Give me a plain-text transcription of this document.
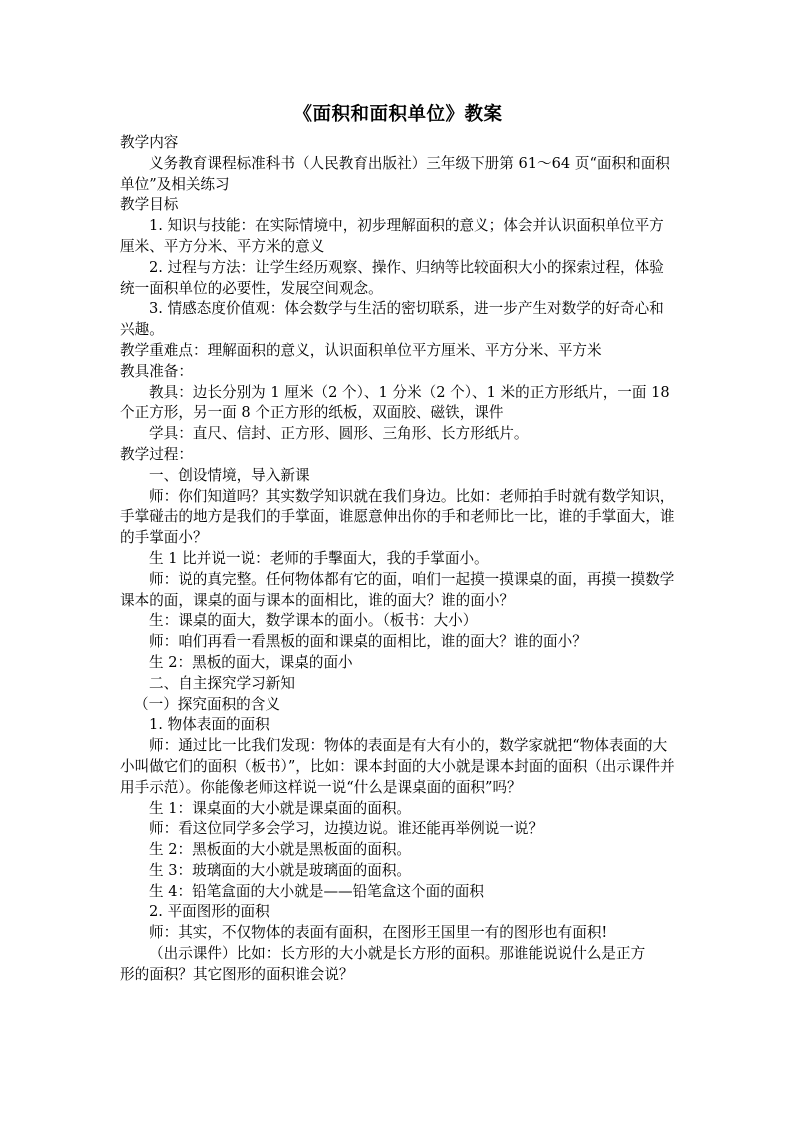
《面积和面积单位》教案
教学内容
义务教育课程标准科书（人民教育出版社）三年级下册第 61～64 页“面积和面积单位”及相关练习
教学目标
1. 知识与技能：在实际情境中，初步理解面积的意义；体会并认识面积单位平方厘米、平方分米、平方米的意义
2. 过程与方法：让学生经历观察、操作、归纳等比较面积大小的探索过程，体验统一面积单位的必要性，发展空间观念。
3. 情感态度价值观：体会数学与生活的密切联系，进一步产生对数学的好奇心和兴趣。
教学重难点：理解面积的意义，认识面积单位平方厘米、平方分米、平方米
教具准备：
教具：边长分别为 1 厘米（2 个）、1 分米（2 个）、1 米的正方形纸片，一面 18 个正方形，另一面 8 个正方形的纸板，双面胶、磁铁，课件
学具：直尺、信封、正方形、圆形、三角形、长方形纸片。
教学过程：
一、创设情境，导入新课
师：你们知道吗？其实数学知识就在我们身边。比如：老师拍手时就有数学知识，手掌碰击的地方是我们的手掌面，谁愿意伸出你的手和老师比一比，谁的手掌面大，谁的手掌面小？
生 1 比并说一说：老师的手擊面大，我的手掌面小。
师：说的真完整。任何物体都有它的面，咱们一起摸一摸课桌的面，再摸一摸数学课本的面，课桌的面与课本的面相比，谁的面大？谁的面小？
生：课桌的面大，数学课本的面小。（板书：大小）
师：咱们再看一看黑板的面和课桌的面相比，谁的面大？谁的面小？
生 2：黑板的面大，课桌的面小
二、自主探究学习新知
（一）探究面积的含义
1. 物体表面的面积
师：通过比一比我们发现：物体的表面是有大有小的，数学家就把“物体表面的大小叫做它们的面积（板书）”，比如：课本封面的大小就是课本封面的面积（出示课件并用手示范）。你能像老师这样说一说“什么是课桌面的面积”吗？
生 1：课桌面的大小就是课桌面的面积。
师：看这位同学多会学习，边摸边说。谁还能再举例说一说？
生 2：黑板面的大小就是黑板面的面积。
生 3：玻璃面的大小就是玻璃面的面积。
生 4：铅笔盒面的大小就是——铅笔盒这个面的面积
2. 平面图形的面积
师：其实，不仅物体的表面有面积，在图形王国里一有的图形也有面积!
（出示课件）比如：长方形的大小就是长方形的面积。那谁能说说什么是正方
形的面积？其它图形的面积谁会说？
